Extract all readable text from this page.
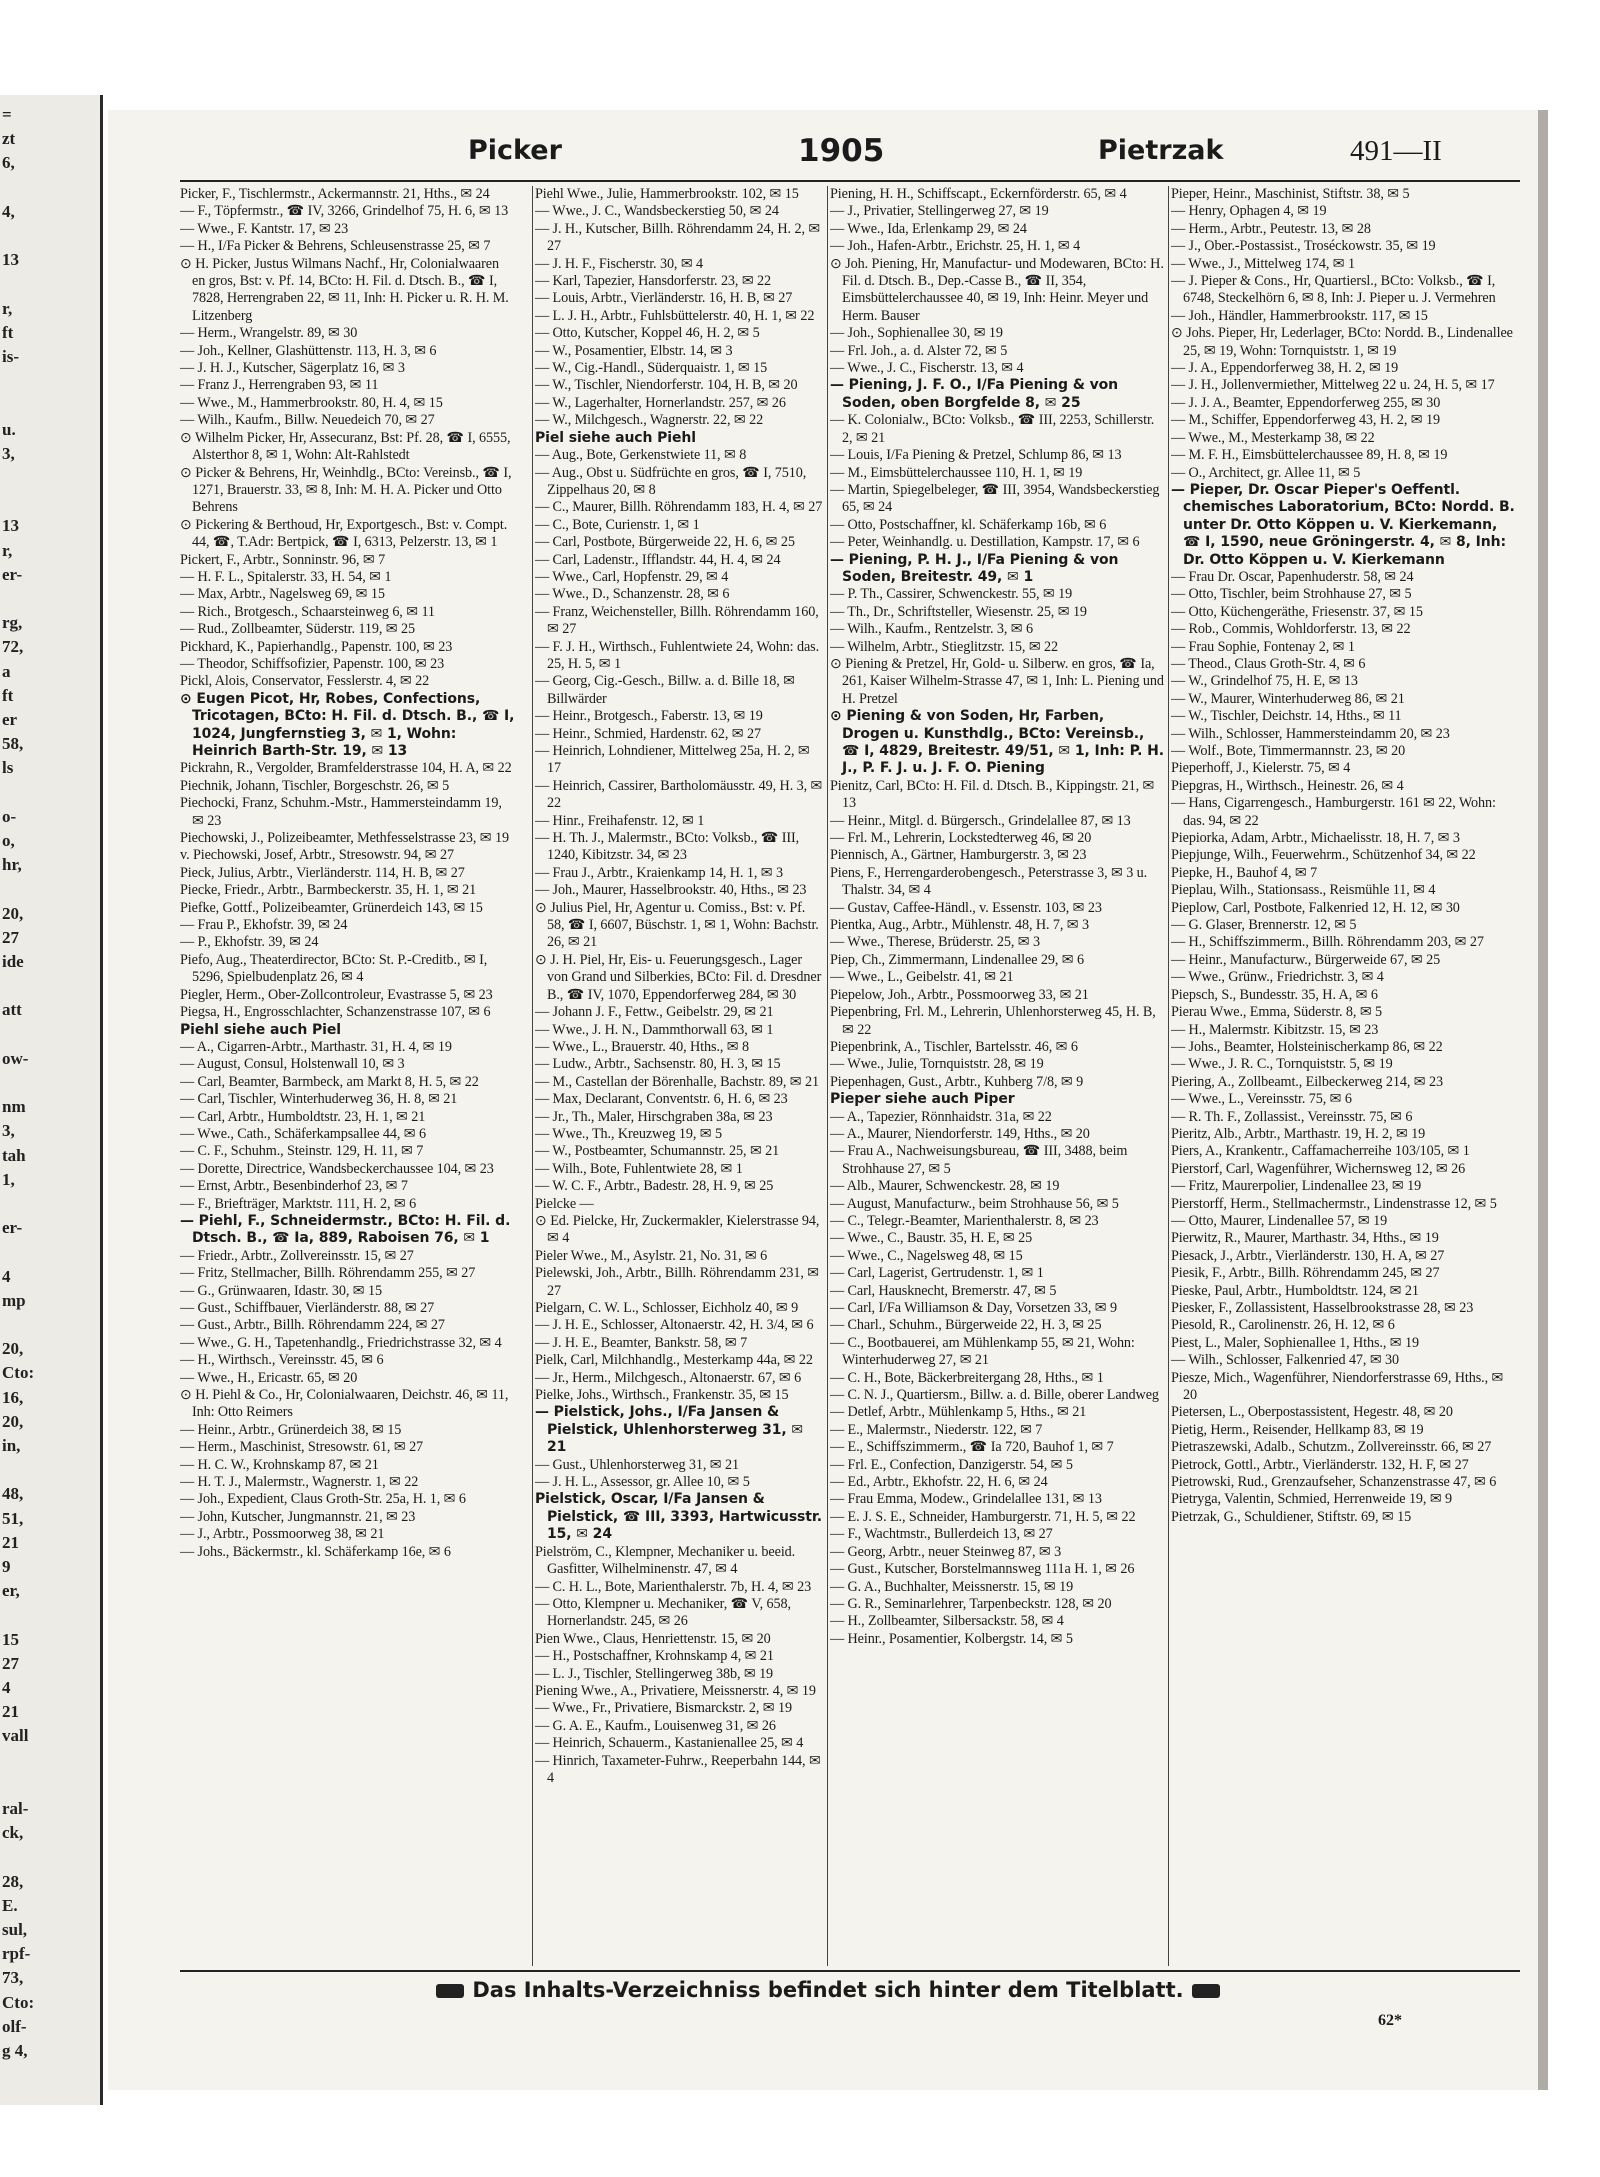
=
zt
6,
4,
13
r,
ft
is-
u.
3,
13
r,
er-
rg,
72,
a
ft
er
58,
ls
o-
o,
hr,
20,
27
ide
att
ow-
nm
3,
tah
1,
er-
4
mp
20,
Cto:
16,
20,
in,
48,
51,
21
9
er,
15
27
4
21
vall
ral-
ck,
28,
E.
sul,
rpf-
73,
Cto:
olf-
g 4,
Picker	1905	Pietrzak	491—II

Picker, F., Tischlermstr., Ackermannstr. 21, Hths., ✉ 24

— F., Töpfermstr., ☎ IV, 3266, Grindelhof 75, H. 6, ✉ 13

— Wwe., F. Kantstr. 17, ✉ 23

— H., I/Fa Picker & Behrens, Schleusenstrasse 25, ✉ 7

⊙ H. Picker, Justus Wilmans Nachf., Hr, Colonialwaaren en gros, Bst: v. Pf. 14, BCto: H. Fil. d. Dtsch. B., ☎ I, 7828, Herrengraben 22, ✉ 11, Inh: H. Picker u. R. H. M. Litzenberg

— Herm., Wrangelstr. 89, ✉ 30

— Joh., Kellner, Glashüttenstr. 113, H. 3, ✉ 6

— J. H. J., Kutscher, Sägerplatz 16, ✉ 3

— Franz J., Herrengraben 93, ✉ 11

— Wwe., M., Hammerbrookstr. 80, H. 4, ✉ 15

— Wilh., Kaufm., Billw. Neuedeich 70, ✉ 27

⊙ Wilhelm Picker, Hr, Assecuranz, Bst: Pf. 28, ☎ I, 6555, Alsterthor 8, ✉ 1, Wohn: Alt-Rahlstedt

⊙ Picker & Behrens, Hr, Weinhdlg., BCto: Vereinsb., ☎ I, 1271, Brauerstr. 33, ✉ 8, Inh: M. H. A. Picker und Otto Behrens

⊙ Pickering & Berthoud, Hr, Exportgesch., Bst: v. Compt. 44, ☎, T.Adr: Bertpick, ☎ I, 6313, Pelzerstr. 13, ✉ 1

Pickert, F., Arbtr., Sonninstr. 96, ✉ 7

— H. F. L., Spitalerstr. 33, H. 54, ✉ 1

— Max, Arbtr., Nagelsweg 69, ✉ 15

— Rich., Brotgesch., Schaarsteinweg 6, ✉ 11

— Rud., Zollbeamter, Süderstr. 119, ✉ 25

Pickhard, K., Papierhandlg., Papenstr. 100, ✉ 23

— Theodor, Schiffsofizier, Papenstr. 100, ✉ 23

Pickl, Alois, Conservator, Fesslerstr. 4, ✉ 22

⊙ Eugen Picot, Hr, Robes, Confections, Tricotagen, BCto: H. Fil. d. Dtsch. B., ☎ I, 1024, Jungfernstieg 3, ✉ 1, Wohn: Heinrich Barth-Str. 19, ✉ 13

Pickrahn, R., Vergolder, Bramfelderstrasse 104, H. A, ✉ 22

Piechnik, Johann, Tischler, Borgeschstr. 26, ✉ 5

Piechocki, Franz, Schuhm.-Mstr., Hammersteindamm 19, ✉ 23

Piechowski, J., Polizeibeamter, Methfesselstrasse 23, ✉ 19

v. Piechowski, Josef, Arbtr., Stresowstr. 94, ✉ 27

Pieck, Julius, Arbtr., Vierländerstr. 114, H. B, ✉ 27

Piecke, Friedr., Arbtr., Barmbeckerstr. 35, H. 1, ✉ 21

Piefke, Gottf., Polizeibeamter, Grünerdeich 143, ✉ 15

— Frau P., Ekhofstr. 39, ✉ 24

— P., Ekhofstr. 39, ✉ 24

Piefo, Aug., Theaterdirector, BCto: St. P.-Creditb., ✉ I, 5296, Spielbudenplatz 26, ✉ 4

Piegler, Herm., Ober-Zollcontroleur, Evastrasse 5, ✉ 23

Piegsa, H., Engrosschlachter, Schanzenstrasse 107, ✉ 6

Piehl siehe auch Piel

— A., Cigarren-Arbtr., Marthastr. 31, H. 4, ✉ 19

— August, Consul, Holstenwall 10, ✉ 3

— Carl, Beamter, Barmbeck, am Markt 8, H. 5, ✉ 22

— Carl, Tischler, Winterhuderweg 36, H. 8, ✉ 21

— Carl, Arbtr., Humboldtstr. 23, H. 1, ✉ 21

— Wwe., Cath., Schäferkampsallee 44, ✉ 6

— C. F., Schuhm., Steinstr. 129, H. 11, ✉ 7

— Dorette, Directrice, Wandsbeckerchaussee 104, ✉ 23

— Ernst, Arbtr., Besenbinderhof 23, ✉ 7

— F., Briefträger, Marktstr. 111, H. 2, ✉ 6

— Piehl, F., Schneidermstr., BCto: H. Fil. d. Dtsch. B., ☎ Ia, 889, Raboisen 76, ✉ 1

— Friedr., Arbtr., Zollvereinsstr. 15, ✉ 27

— Fritz, Stellmacher, Billh. Röhrendamm 255, ✉ 27

— G., Grünwaaren, Idastr. 30, ✉ 15

— Gust., Schiffbauer, Vierländerstr. 88, ✉ 27

— Gust., Arbtr., Billh. Röhrendamm 224, ✉ 27

— Wwe., G. H., Tapetenhandlg., Friedrichstrasse 32, ✉ 4

— H., Wirthsch., Vereinsstr. 45, ✉ 6

— Wwe., H., Ericastr. 65, ✉ 20

⊙ H. Piehl & Co., Hr, Colonialwaaren, Deichstr. 46, ✉ 11, Inh: Otto Reimers

— Heinr., Arbtr., Grünerdeich 38, ✉ 15

— Herm., Maschinist, Stresowstr. 61, ✉ 27

— H. C. W., Krohnskamp 87, ✉ 21

— H. T. J., Malermstr., Wagnerstr. 1, ✉ 22

— Joh., Expedient, Claus Groth-Str. 25a, H. 1, ✉ 6

— John, Kutscher, Jungmannstr. 21, ✉ 23

— J., Arbtr., Possmoorweg 38, ✉ 21

— Johs., Bäckermstr., kl. Schäferkamp 16e, ✉ 6

Piehl Wwe., Julie, Hammerbrookstr. 102, ✉ 15

— Wwe., J. C., Wandsbeckerstieg 50, ✉ 24

— J. H., Kutscher, Billh. Röhrendamm 24, H. 2, ✉ 27

— J. H. F., Fischerstr. 30, ✉ 4

— Karl, Tapezier, Hansdorferstr. 23, ✉ 22

— Louis, Arbtr., Vierländerstr. 16, H. B, ✉ 27

— L. J. H., Arbtr., Fuhlsbüttelerstr. 40, H. 1, ✉ 22

— Otto, Kutscher, Koppel 46, H. 2, ✉ 5

— W., Posamentier, Elbstr. 14, ✉ 3

— W., Cig.-Handl., Süderquaistr. 1, ✉ 15

— W., Tischler, Niendorferstr. 104, H. B, ✉ 20

— W., Lagerhalter, Hornerlandstr. 257, ✉ 26

— W., Milchgesch., Wagnerstr. 22, ✉ 22

Piel siehe auch Piehl

— Aug., Bote, Gerkenstwiete 11, ✉ 8

— Aug., Obst u. Südfrüchte en gros, ☎ I, 7510, Zippelhaus 20, ✉ 8

— C., Maurer, Billh. Röhrendamm 183, H. 4, ✉ 27

— C., Bote, Curienstr. 1, ✉ 1

— Carl, Postbote, Bürgerweide 22, H. 6, ✉ 25

— Carl, Ladenstr., Ifflandstr. 44, H. 4, ✉ 24

— Wwe., Carl, Hopfenstr. 29, ✉ 4

— Wwe., D., Schanzenstr. 28, ✉ 6

— Franz, Weichensteller, Billh. Röhrendamm 160, ✉ 27

— F. J. H., Wirthsch., Fuhlentwiete 24, Wohn: das. 25, H. 5, ✉ 1

— Georg, Cig.-Gesch., Billw. a. d. Bille 18, ✉ Billwärder

— Heinr., Brotgesch., Faberstr. 13, ✉ 19

— Heinr., Schmied, Hardenstr. 62, ✉ 27

— Heinrich, Lohndiener, Mittelweg 25a, H. 2, ✉ 17

— Heinrich, Cassirer, Bartholomäusstr. 49, H. 3, ✉ 22

— Hinr., Freihafenstr. 12, ✉ 1

— H. Th. J., Malermstr., BCto: Volksb., ☎ III, 1240, Kibitzstr. 34, ✉ 23

— Frau J., Arbtr., Kraienkamp 14, H. 1, ✉ 3

— Joh., Maurer, Hasselbrookstr. 40, Hths., ✉ 23

⊙ Julius Piel, Hr, Agentur u. Comiss., Bst: v. Pf. 58, ☎ I, 6607, Büschstr. 1, ✉ 1, Wohn: Bachstr. 26, ✉ 21

⊙ J. H. Piel, Hr, Eis- u. Feuerungsgesch., Lager von Grand und Silberkies, BCto: Fil. d. Dresdner B., ☎ IV, 1070, Eppendorferweg 284, ✉ 30

— Johann J. F., Fettw., Geibelstr. 29, ✉ 21

— Wwe., J. H. N., Dammthorwall 63, ✉ 1

— Wwe., L., Brauerstr. 40, Hths., ✉ 8

— Ludw., Arbtr., Sachsenstr. 80, H. 3, ✉ 15

— M., Castellan der Börenhalle, Bachstr. 89, ✉ 21

— Max, Declarant, Conventstr. 6, H. 6, ✉ 23

— Jr., Th., Maler, Hirschgraben 38a, ✉ 23

— Wwe., Th., Kreuzweg 19, ✉ 5

— W., Postbeamter, Schumannstr. 25, ✉ 21

— Wilh., Bote, Fuhlentwiete 28, ✉ 1

— W. C. F., Arbtr., Badestr. 28, H. 9, ✉ 25

Pielcke —

⊙ Ed. Pielcke, Hr, Zuckermakler, Kielerstrasse 94, ✉ 4

Pieler Wwe., M., Asylstr. 21, No. 31, ✉ 6

Pielewski, Joh., Arbtr., Billh. Röhrendamm 231, ✉ 27

Pielgarn, C. W. L., Schlosser, Eichholz 40, ✉ 9

— J. H. E., Schlosser, Altonaerstr. 42, H. 3/4, ✉ 6

— J. H. E., Beamter, Bankstr. 58, ✉ 7

Pielk, Carl, Milchhandlg., Mesterkamp 44a, ✉ 22

— Jr., Herm., Milchgesch., Altonaerstr. 67, ✉ 6

Pielke, Johs., Wirthsch., Frankenstr. 35, ✉ 15

— Pielstick, Johs., I/Fa Jansen & Pielstick, Uhlenhorsterweg 31, ✉ 21

— Gust., Uhlenhorsterweg 31, ✉ 21

— J. H. L., Assessor, gr. Allee 10, ✉ 5

Pielstick, Oscar, I/Fa Jansen & Pielstick, ☎ III, 3393, Hartwicusstr. 15, ✉ 24

Pielström, C., Klempner, Mechaniker u. beeid. Gasfitter, Wilhelminenstr. 47, ✉ 4

— C. H. L., Bote, Marienthalerstr. 7b, H. 4, ✉ 23

— Otto, Klempner u. Mechaniker, ☎ V, 658, Hornerlandstr. 245, ✉ 26

Pien Wwe., Claus, Henriettenstr. 15, ✉ 20

— H., Postschaffner, Krohnskamp 4, ✉ 21

— L. J., Tischler, Stellingerweg 38b, ✉ 19

Piening Wwe., A., Privatiere, Meissnerstr. 4, ✉ 19

— Wwe., Fr., Privatiere, Bismarckstr. 2, ✉ 19

— G. A. E., Kaufm., Louisenweg 31, ✉ 26

— Heinrich, Schauerm., Kastanienallee 25, ✉ 4

— Hinrich, Taxameter-Fuhrw., Reeperbahn 144, ✉ 4

Piening, H. H., Schiffscapt., Eckernförderstr. 65, ✉ 4

— J., Privatier, Stellingerweg 27, ✉ 19

— Wwe., Ida, Erlenkamp 29, ✉ 24

— Joh., Hafen-Arbtr., Erichstr. 25, H. 1, ✉ 4

⊙ Joh. Piening, Hr, Manufactur- und Modewaren, BCto: H. Fil. d. Dtsch. B., Dep.-Casse B., ☎ II, 354, Eimsbüttelerchaussee 40, ✉ 19, Inh: Heinr. Meyer und Herm. Bauser

— Joh., Sophienallee 30, ✉ 19

— Frl. Joh., a. d. Alster 72, ✉ 5

— Wwe., J. C., Fischerstr. 13, ✉ 4

— Piening, J. F. O., I/Fa Piening & von Soden, oben Borgfelde 8, ✉ 25

— K. Colonialw., BCto: Volksb., ☎ III, 2253, Schillerstr. 2, ✉ 21

— Louis, I/Fa Piening & Pretzel, Schlump 86, ✉ 13

— M., Eimsbüttelerchaussee 110, H. 1, ✉ 19

— Martin, Spiegelbeleger, ☎ III, 3954, Wandsbeckerstieg 65, ✉ 24

— Otto, Postschaffner, kl. Schäferkamp 16b, ✉ 6

— Peter, Weinhandlg. u. Destillation, Kampstr. 17, ✉ 6

— Piening, P. H. J., I/Fa Piening & von Soden, Breitestr. 49, ✉ 1

— P. Th., Cassirer, Schwenckestr. 55, ✉ 19

— Th., Dr., Schriftsteller, Wiesenstr. 25, ✉ 19

— Wilh., Kaufm., Rentzelstr. 3, ✉ 6

— Wilhelm, Arbtr., Stieglitzstr. 15, ✉ 22

⊙ Piening & Pretzel, Hr, Gold- u. Silberw. en gros, ☎ Ia, 261, Kaiser Wilhelm-Strasse 47, ✉ 1, Inh: L. Piening und H. Pretzel

⊙ Piening & von Soden, Hr, Farben, Drogen u. Kunsthdlg., BCto: Vereinsb., ☎ I, 4829, Breitestr. 49/51, ✉ 1, Inh: P. H. J., P. F. J. u. J. F. O. Piening

Pienitz, Carl, BCto: H. Fil. d. Dtsch. B., Kippingstr. 21, ✉ 13

— Heinr., Mitgl. d. Bürgersch., Grindelallee 87, ✉ 13

— Frl. M., Lehrerin, Lockstedterweg 46, ✉ 20

Piennisch, A., Gärtner, Hamburgerstr. 3, ✉ 23

Piens, F., Herrengarderobengesch., Peterstrasse 3, ✉ 3 u. Thalstr. 34, ✉ 4

— Gustav, Caffee-Händl., v. Essenstr. 103, ✉ 23

Pientka, Aug., Arbtr., Mühlenstr. 48, H. 7, ✉ 3

— Wwe., Therese, Brüderstr. 25, ✉ 3

Piep, Ch., Zimmermann, Lindenallee 29, ✉ 6

— Wwe., L., Geibelstr. 41, ✉ 21

Piepelow, Joh., Arbtr., Possmoorweg 33, ✉ 21

Piepenbring, Frl. M., Lehrerin, Uhlenhorsterweg 45, H. B, ✉ 22

Piepenbrink, A., Tischler, Bartelsstr. 46, ✉ 6

— Wwe., Julie, Tornquiststr. 28, ✉ 19

Piepenhagen, Gust., Arbtr., Kuhberg 7/8, ✉ 9

Pieper siehe auch Piper

— A., Tapezier, Rönnhaidstr. 31a, ✉ 22

— A., Maurer, Niendorferstr. 149, Hths., ✉ 20

— Frau A., Nachweisungsbureau, ☎ III, 3488, beim Strohhause 27, ✉ 5

— Alb., Maurer, Schwenckestr. 28, ✉ 19

— August, Manufacturw., beim Strohhause 56, ✉ 5

— C., Telegr.-Beamter, Marienthalerstr. 8, ✉ 23

— Wwe., C., Baustr. 35, H. E, ✉ 25

— Wwe., C., Nagelsweg 48, ✉ 15

— Carl, Lagerist, Gertrudenstr. 1, ✉ 1

— Carl, Hausknecht, Bremerstr. 47, ✉ 5

— Carl, I/Fa Williamson & Day, Vorsetzen 33, ✉ 9

— Charl., Schuhm., Bürgerweide 22, H. 3, ✉ 25

— C., Bootbauerei, am Mühlenkamp 55, ✉ 21, Wohn: Winterhuderweg 27, ✉ 21

— C. H., Bote, Bäckerbreitergang 28, Hths., ✉ 1

— C. N. J., Quartiersm., Billw. a. d. Bille, oberer Landweg

— Detlef, Arbtr., Mühlenkamp 5, Hths., ✉ 21

— E., Malermstr., Niederstr. 122, ✉ 7

— E., Schiffszimmerm., ☎ Ia 720, Bauhof 1, ✉ 7

— Frl. E., Confection, Danzigerstr. 54, ✉ 5

— Ed., Arbtr., Ekhofstr. 22, H. 6, ✉ 24

— Frau Emma, Modew., Grindelallee 131, ✉ 13

— E. J. S. E., Schneider, Hamburgerstr. 71, H. 5, ✉ 22

— F., Wachtmstr., Bullerdeich 13, ✉ 27

— Georg, Arbtr., neuer Steinweg 87, ✉ 3

— Gust., Kutscher, Borstelmannsweg 111a H. 1, ✉ 26

— G. A., Buchhalter, Meissnerstr. 15, ✉ 19

— G. R., Seminarlehrer, Tarpenbeckstr. 128, ✉ 20

— H., Zollbeamter, Silbersackstr. 58, ✉ 4

— Heinr., Posamentier, Kolbergstr. 14, ✉ 5

Pieper, Heinr., Maschinist, Stiftstr. 38, ✉ 5

— Henry, Ophagen 4, ✉ 19

— Herm., Arbtr., Peutestr. 13, ✉ 28

— J., Ober.-Postassist., Troséckowstr. 35, ✉ 19

— Wwe., J., Mittelweg 174, ✉ 1

— J. Pieper & Cons., Hr, Quartiersl., BCto: Volksb., ☎ I, 6748, Steckelhörn 6, ✉ 8, Inh: J. Pieper u. J. Vermehren

— Joh., Händler, Hammerbrookstr. 117, ✉ 15

⊙ Johs. Pieper, Hr, Lederlager, BCto: Nordd. B., Lindenallee 25, ✉ 19, Wohn: Tornquiststr. 1, ✉ 19

— J. A., Eppendorferweg 38, H. 2, ✉ 19

— J. H., Jollenvermiether, Mittelweg 22 u. 24, H. 5, ✉ 17

— J. J. A., Beamter, Eppendorferweg 255, ✉ 30

— M., Schiffer, Eppendorferweg 43, H. 2, ✉ 19

— Wwe., M., Mesterkamp 38, ✉ 22

— M. F. H., Eimsbüttelerchaussee 89, H. 8, ✉ 19

— O., Architect, gr. Allee 11, ✉ 5

— Pieper, Dr. Oscar Pieper's Oeffentl. chemisches Laboratorium, BCto: Nordd. B. unter Dr. Otto Köppen u. V. Kierkemann, ☎ I, 1590, neue Gröningerstr. 4, ✉ 8, Inh: Dr. Otto Köppen u. V. Kierkemann

— Frau Dr. Oscar, Papenhuderstr. 58, ✉ 24

— Otto, Tischler, beim Strohhause 27, ✉ 5

— Otto, Küchengeräthe, Friesenstr. 37, ✉ 15

— Rob., Commis, Wohldorferstr. 13, ✉ 22

— Frau Sophie, Fontenay 2, ✉ 1

— Theod., Claus Groth-Str. 4, ✉ 6

— W., Grindelhof 75, H. E, ✉ 13

— W., Maurer, Winterhuderweg 86, ✉ 21

— W., Tischler, Deichstr. 14, Hths., ✉ 11

— Wilh., Schlosser, Hammersteindamm 20, ✉ 23

— Wolf., Bote, Timmermannstr. 23, ✉ 20

Pieperhoff, J., Kielerstr. 75, ✉ 4

Piepgras, H., Wirthsch., Heinestr. 26, ✉ 4

— Hans, Cigarrengesch., Hamburgerstr. 161 ✉ 22, Wohn: das. 94, ✉ 22

Piepiorka, Adam, Arbtr., Michaelisstr. 18, H. 7, ✉ 3

Piepjunge, Wilh., Feuerwehrm., Schützenhof 34, ✉ 22

Piepke, H., Bauhof 4, ✉ 7

Pieplau, Wilh., Stationsass., Reismühle 11, ✉ 4

Pieplow, Carl, Postbote, Falkenried 12, H. 12, ✉ 30

— G. Glaser, Brennerstr. 12, ✉ 5

— H., Schiffszimmerm., Billh. Röhrendamm 203, ✉ 27

— Heinr., Manufacturw., Bürgerweide 67, ✉ 25

— Wwe., Grünw., Friedrichstr. 3, ✉ 4

Piepsch, S., Bundesstr. 35, H. A, ✉ 6

Pierau Wwe., Emma, Süderstr. 8, ✉ 5

— H., Malermstr. Kibitzstr. 15, ✉ 23

— Johs., Beamter, Holsteinischerkamp 86, ✉ 22

— Wwe., J. R. C., Tornquiststr. 5, ✉ 19

Piering, A., Zollbeamt., Eilbeckerweg 214, ✉ 23

— Wwe., L., Vereinsstr. 75, ✉ 6

— R. Th. F., Zollassist., Vereinsstr. 75, ✉ 6

Pieritz, Alb., Arbtr., Marthastr. 19, H. 2, ✉ 19

Piers, A., Krankentr., Caffamacherreihe 103/105, ✉ 1

Pierstorf, Carl, Wagenführer, Wichernsweg 12, ✉ 26

— Fritz, Maurerpolier, Lindenallee 23, ✉ 19

Pierstorff, Herm., Stellmachermstr., Lindenstrasse 12, ✉ 5

— Otto, Maurer, Lindenallee 57, ✉ 19

Pierwitz, R., Maurer, Marthastr. 34, Hths., ✉ 19

Piesack, J., Arbtr., Vierländerstr. 130, H. A, ✉ 27

Piesik, F., Arbtr., Billh. Röhrendamm 245, ✉ 27

Pieske, Paul, Arbtr., Humboldtstr. 124, ✉ 21

Piesker, F., Zollassistent, Hasselbrookstrasse 28, ✉ 23

Piesold, R., Carolinenstr. 26, H. 12, ✉ 6

Piest, L., Maler, Sophienallee 1, Hths., ✉ 19

— Wilh., Schlosser, Falkenried 47, ✉ 30

Piesze, Mich., Wagenführer, Niendorferstrasse 69, Hths., ✉ 20

Pietersen, L., Oberpostassistent, Hegestr. 48, ✉ 20

Pietig, Herm., Reisender, Hellkamp 83, ✉ 19

Pietraszewski, Adalb., Schutzm., Zollvereinsstr. 66, ✉ 27

Pietrock, Gottl., Arbtr., Vierländerstr. 132, H. F, ✉ 27

Pietrowski, Rud., Grenzaufseher, Schanzenstrasse 47, ✉ 6

Pietryga, Valentin, Schmied, Herrenweide 19, ✉ 9

Pietrzak, G., Schuldiener, Stiftstr. 69, ✉ 15

Das Inhalts-Verzeichniss befindet sich hinter dem Titelblatt.
62*
